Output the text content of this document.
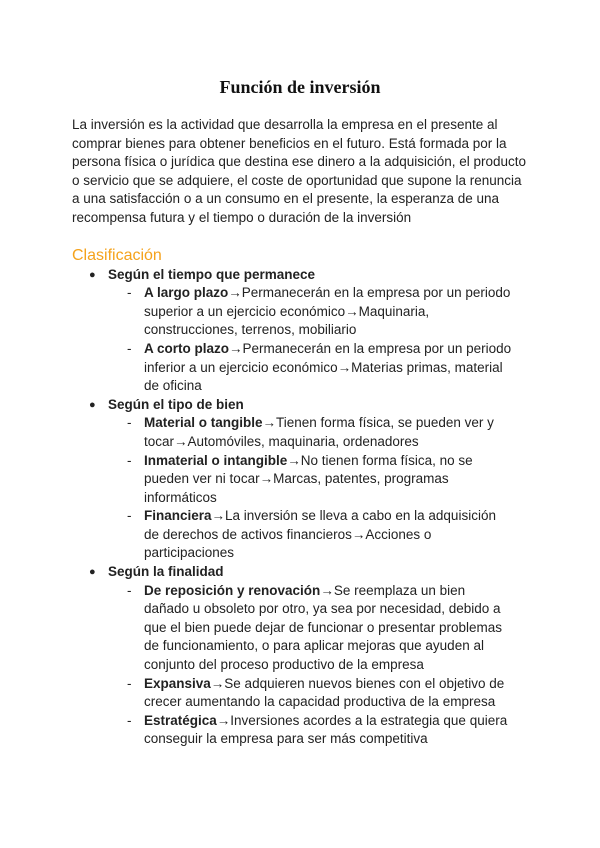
Función de inversión

La inversión es la actividad que desarrolla la empresa en el presente al comprar bienes para obtener beneficios en el futuro. Está formada por la persona física o jurídica que destina ese dinero a la adquisición, el producto o servicio que se adquiere, el coste de oportunidad que supone la renuncia a una satisfacción o a un consumo en el presente, la esperanza de una recompensa futura y el tiempo o duración de la inversión

Clasificación
● Según el tiempo que permanece
- A largo plazo→Permanecerán en la empresa por un periodo superior a un ejercicio económico→Maquinaria, construcciones, terrenos, mobiliario
- A corto plazo→Permanecerán en la empresa por un periodo inferior a un ejercicio económico→Materias primas, material de oficina
● Según el tipo de bien
- Material o tangible→Tienen forma física, se pueden ver y tocar→Automóviles, maquinaria, ordenadores
- Inmaterial o intangible→No tienen forma física, no se pueden ver ni tocar→Marcas, patentes, programas informáticos
- Financiera→La inversión se lleva a cabo en la adquisición de derechos de activos financieros→Acciones o participaciones
● Según la finalidad
- De reposición y renovación→Se reemplaza un bien dañado u obsoleto por otro, ya sea por necesidad, debido a que el bien puede dejar de funcionar o presentar problemas de funcionamiento, o para aplicar mejoras que ayuden al conjunto del proceso productivo de la empresa
- Expansiva→Se adquieren nuevos bienes con el objetivo de crecer aumentando la capacidad productiva de la empresa
- Estratégica→Inversiones acordes a la estrategia que quiera conseguir la empresa para ser más competitiva
